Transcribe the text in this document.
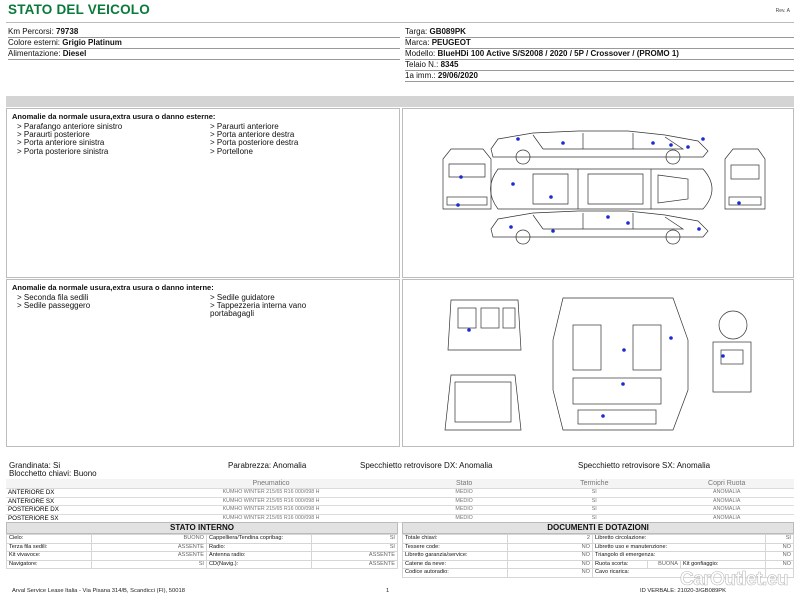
STATO DEL VEICOLO	Rev. A
Km Percorsi: 79738
Colore esterni: Grigio Platinum
Alimentazione: Diesel
Targa: GB089PK
Marca: PEUGEOT
Modello: BlueHDi 100 Active S/S2008 / 2020 / 5P / Crossover / (PROMO 1)
Telaio N.: 8345
1a imm.: 29/06/2020
Anomalie da normale usura,extra usura o danno esterne:
> Parafango anteriore sinistro
> Paraurti posteriore
> Porta anteriore sinistra
> Porta posteriore sinistra
> Paraurti anteriore
> Porta anteriore destra
> Porta posteriore destra
> Portellone
Anomalie da normale usura,extra usura o danno interne:
> Seconda fila sedili
> Sedile passeggero
> Sedile guidatore
> Tappezzeria interna vano
portabagagli
Grandinata: Si	Parabrezza: Anomalia	Specchietto retrovisore DX: Anomalia	Specchietto retrovisore SX: Anomalia
Blocchetto chiavi: Buono
	Pneumatico	Stato	Termiche	Copri Ruota
ANTERIORE DX	KUMHO WINTER 215/65 R16 000/098 H	MEDIO	SI	ANOMALIA
ANTERIORE SX	KUMHO WINTER 215/65 R16 000/098 H	MEDIO	SI	ANOMALIA
POSTERIORE DX	KUMHO WINTER 215/65 R16 000/098 H	MEDIO	SI	ANOMALIA
POSTERIORE SX	KUMHO WINTER 215/65 R16 000/098 H	MEDIO	SI	ANOMALIA
STATO INTERNO
Cielo:	BUONO	Cappelliera/Tendina copribag:	SI
Terza fila sedili:	ASSENTE	Radio:	SI
Kit vivavoce:	ASSENTE	Antenna radio:	ASSENTE
Navigatore:	SI	CD(Navig.):	ASSENTE
DOCUMENTI E DOTAZIONI
Totale chiavi:	2	Libretto circolazione:			SI
Tessere code:	NO	Libretto uso e manutenzione:			NO
Libretto garanzia/service:	NO	Triangolo di emergenza:			NO
Catene da neve:	NO	Ruota scorta:	BUONA	Kit gonfiaggio:	NO
Codice autoradio:	NO	Cavo ricarica:			
Arval Service Lease Italia - Via Pisana 314/B, Scandicci (FI), 50018	1	ID VERBALE: 21020-3/GB089PK
CarOutlet.eu
